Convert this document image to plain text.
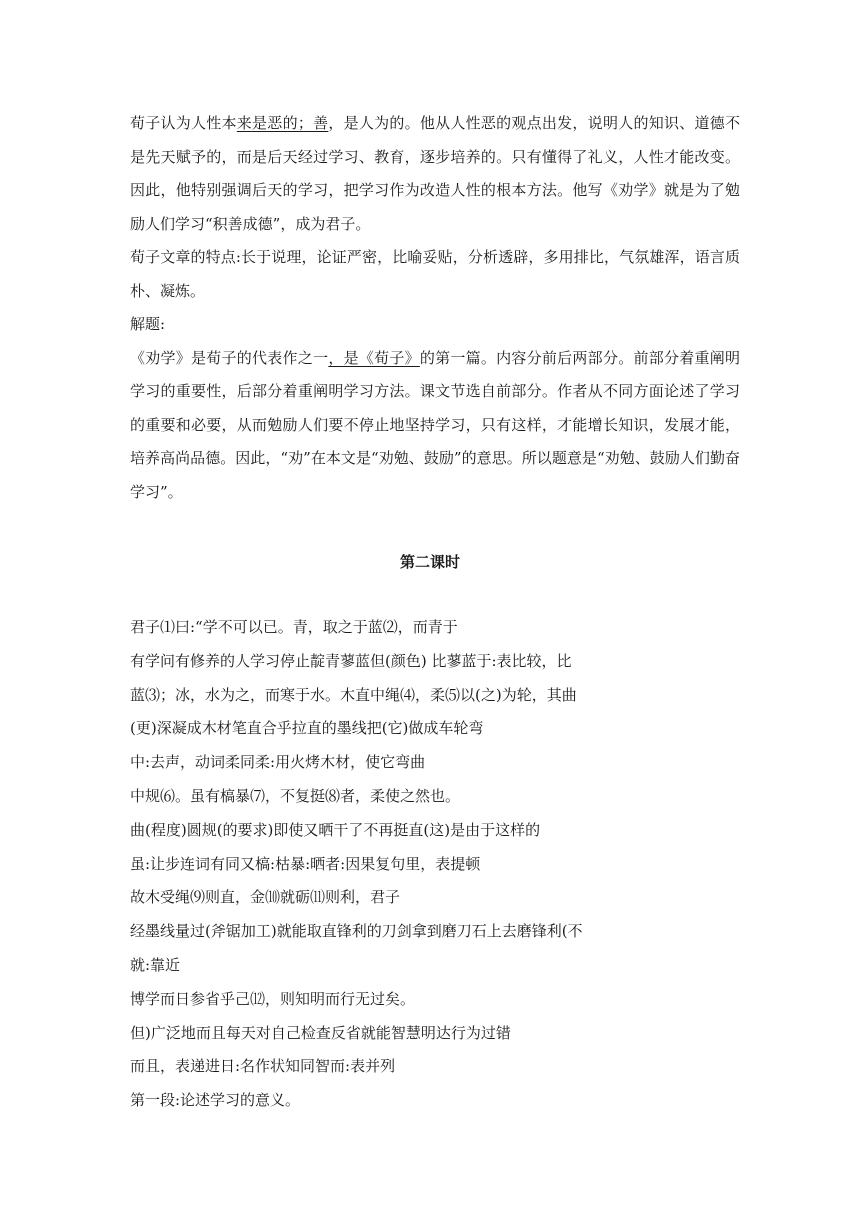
荀子认为人性本来是恶的；善，是人为的。他从人性恶的观点出发，说明人的知识、道德不是先天赋予的，而是后天经过学习、教育，逐步培养的。只有懂得了礼义，人性才能改变。因此，他特别强调后天的学习，把学习作为改造人性的根本方法。他写《劝学》就是为了勉励人们学习“积善成德”，成为君子。

荀子文章的特点:长于说理，论证严密，比喻妥贴，分析透辟，多用排比，气氛雄浑，语言质朴、凝炼。

解题:

《劝学》是荀子的代表作之一，是《荀子》的第一篇。内容分前后两部分。前部分着重阐明学习的重要性，后部分着重阐明学习方法。课文节选自前部分。作者从不同方面论述了学习的重要和必要，从而勉励人们要不停止地坚持学习，只有这样，才能增长知识，发展才能，培养高尚品德。因此，“劝”在本文是“劝勉、鼓励”的意思。所以题意是“劝勉、鼓励人们勤奋学习”。

第二课时

君子⑴曰:“学不可以已。青，取之于蓝⑵，而青于

有学问有修养的人学习停止靛青蓼蓝但(颜色) 比蓼蓝于:表比较，比

蓝⑶；冰，水为之，而寒于水。木直中绳⑷，柔⑸以(之)为轮，其曲

(更)深凝成木材笔直合乎拉直的墨线把(它)做成车轮弯

中:去声，动词柔同柔:用火烤木材，使它弯曲

中规⑹。虽有槁暴⑺，不复挺⑻者，柔使之然也。

曲(程度)圆规(的要求)即使又晒干了不再挺直(这)是由于这样的

虽:让步连词有同又槁:枯暴:晒者:因果复句里，表提顿

故木受绳⑼则直，金⑽就砺⑾则利，君子

经墨线量过(斧锯加工)就能取直锋利的刀剑拿到磨刀石上去磨锋利(不

就:靠近

博学而日参省乎己⑿，则知明而行无过矣。

但)广泛地而且每天对自己检查反省就能智慧明达行为过错

而且，表递进日:名作状知同智而:表并列

第一段:论述学习的意义。
